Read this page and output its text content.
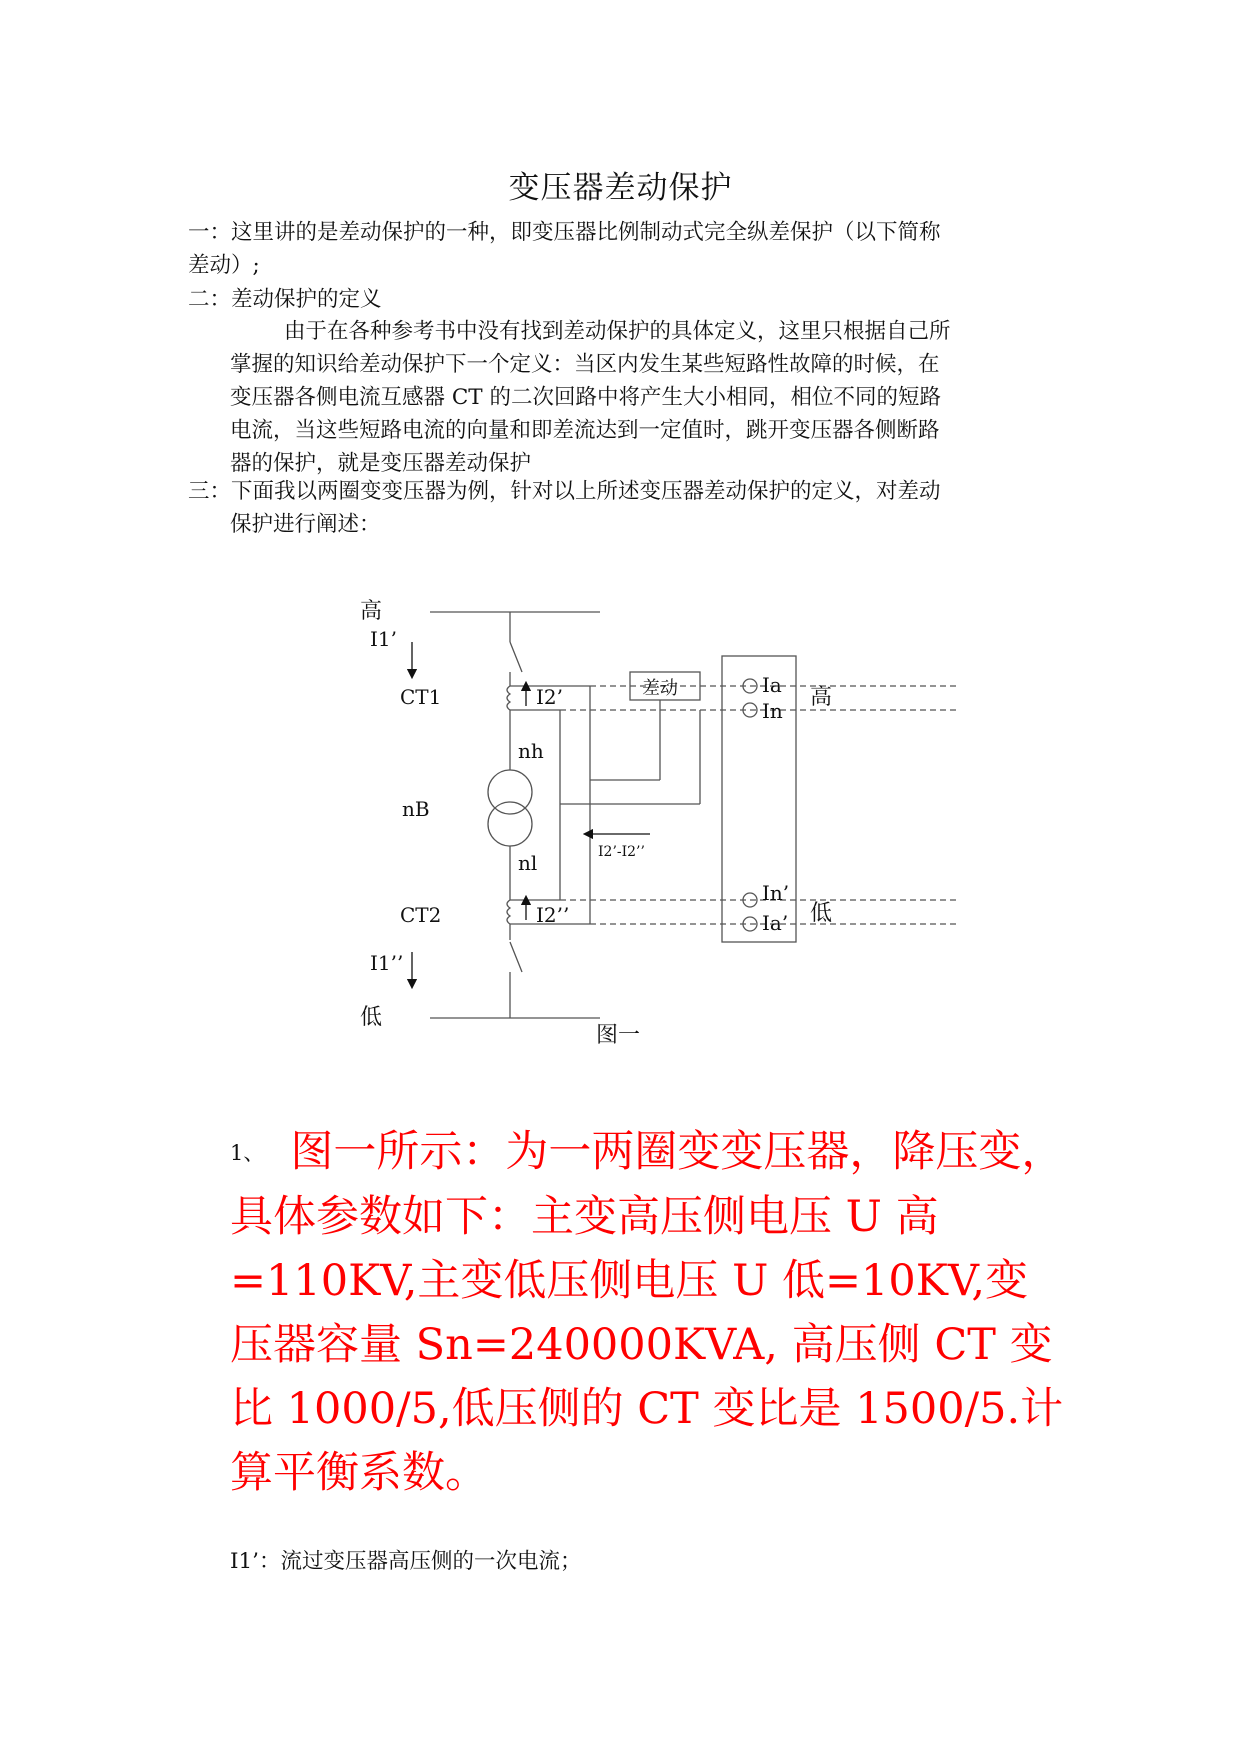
变压器差动保护
一：这里讲的是差动保护的一种，即变压器比例制动式完全纵差保护（以下简称
差动）;
二：差动保护的定义
由于在各种参考书中没有找到差动保护的具体定义，这里只根据自己所
掌握的知识给差动保护下一个定义：当区内发生某些短路性故障的时候，在
变压器各侧电流互感器 CT 的二次回路中将产生大小相同，相位不同的短路
电流，当这些短路电流的向量和即差流达到一定值时，跳开变压器各侧断路
器的保护，就是变压器差动保护
三：下面我以两圈变变压器为例，针对以上所述变压器差动保护的定义，对差动
保护进行阐述：
高
I1’
CT1	I2’
nh
nB
nl
CT2	I2’’
I1’’
低
差动
I2’-I2’’
Ia
In
In’
Ia’
高
低
图一
1、 图一所示：为一两圈变变压器，降压变，
具体参数如下：主变高压侧电压 U 高
=110KV,主变低压侧电压 U 低=10KV,变
压器容量 Sn=240000KVA, 高压侧 CT 变
比 1000/5,低压侧的 CT 变比是 1500/5.计
算平衡系数。
I1’：流过变压器高压侧的一次电流；
